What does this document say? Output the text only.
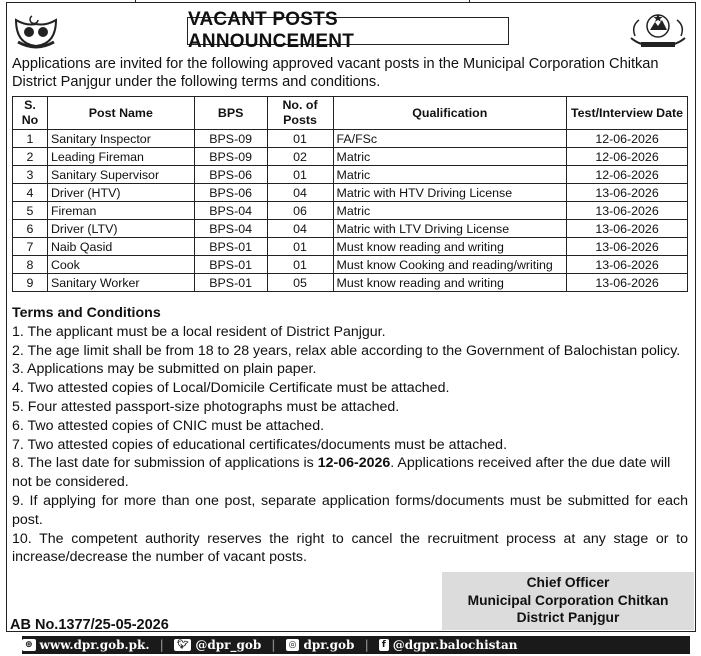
VACANT POSTS ANNOUNCEMENT

Applications are invited for the following approved vacant posts in the Municipal Corporation Chitkan District Panjgur under the following terms and conditions.

S. No	Post Name	BPS	No. of Posts	Qualification	Test/Interview Date
1	Sanitary Inspector	BPS-09	01	FA/FSc	12-06-2026
2	Leading Fireman	BPS-09	02	Matric	12-06-2026
3	Sanitary Supervisor	BPS-06	01	Matric	12-06-2026
4	Driver (HTV)	BPS-06	04	Matric with HTV Driving License	13-06-2026
5	Fireman	BPS-04	06	Matric	13-06-2026
6	Driver (LTV)	BPS-04	04	Matric with LTV Driving License	13-06-2026
7	Naib Qasid	BPS-01	01	Must know reading and writing	13-06-2026
8	Cook	BPS-01	01	Must know Cooking and reading/writing	13-06-2026
9	Sanitary Worker	BPS-01	05	Must know reading and writing	13-06-2026

Terms and Conditions

1. The applicant must be a local resident of District Panjgur.

2. The age limit shall be from 18 to 28 years, relax able according to the Government of Balochistan policy.

3. Applications may be submitted on plain paper.

4. Two attested copies of Local/Domicile Certificate must be attached.

5. Four attested passport-size photographs must be attached.

6. Two attested copies of CNIC must be attached.

7. Two attested copies of educational certificates/documents must be attached.

8. The last date for submission of applications is 12-06-2026. Applications received after the due date will not be considered.

9. If applying for more than one post, separate application forms/documents must be submitted for each post.

10. The competent authority reserves the right to cancel the recruitment process at any stage or to increase/decrease the number of vacant posts.

Chief Officer
Municipal Corporation Chitkan
District Panjgur
AB No.1377/25-05-2026
⊕ www.dpr.gob.pk. |	🐦︎ @dpr_gob |	◎ dpr.gob |	f @dgpr.balochistan
